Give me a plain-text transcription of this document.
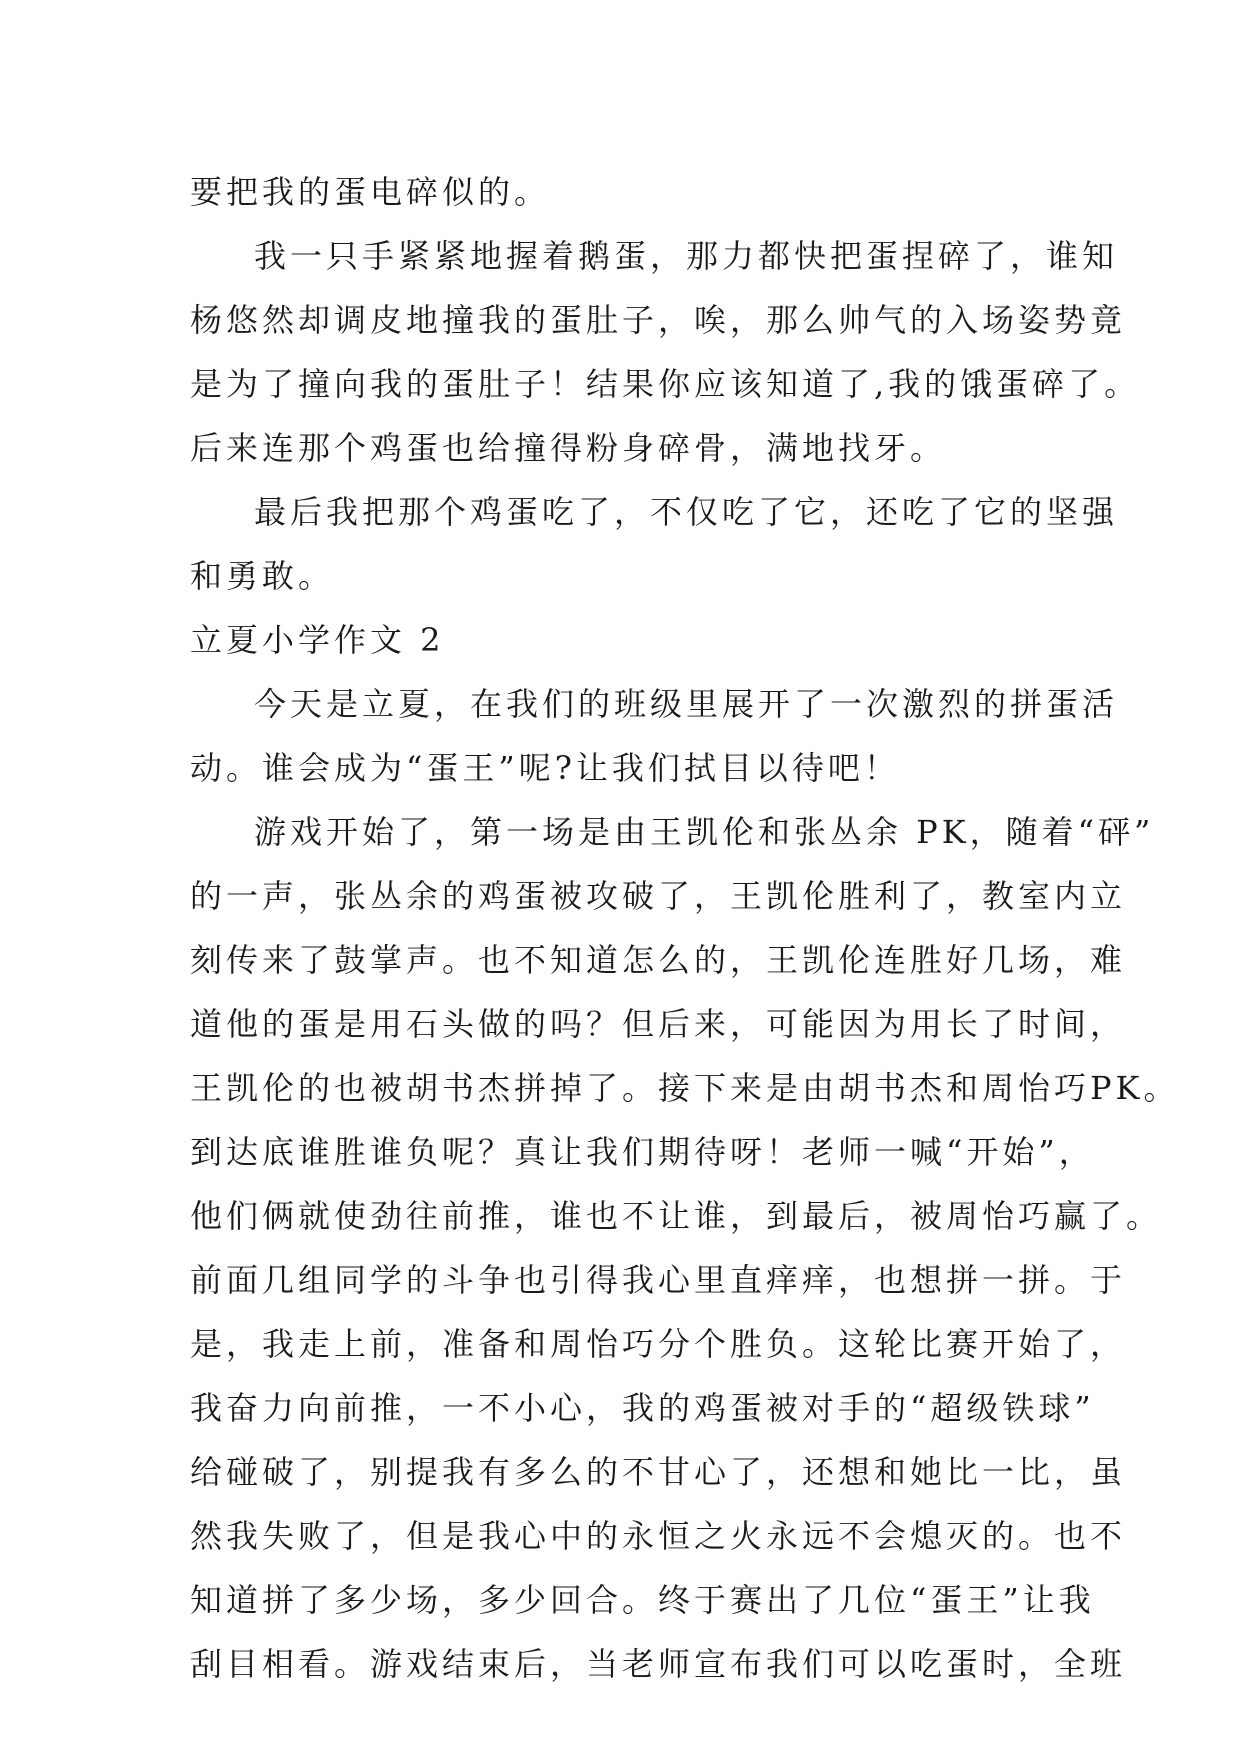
要把我的蛋电碎似的。
我一只手紧紧地握着鹅蛋，那力都快把蛋捏碎了，谁知
杨悠然却调皮地撞我的蛋肚子，唉，那么帅气的入场姿势竟
是为了撞向我的蛋肚子！结果你应该知道了,我的饿蛋碎了。
后来连那个鸡蛋也给撞得粉身碎骨，满地找牙。
最后我把那个鸡蛋吃了，不仅吃了它，还吃了它的坚强
和勇敢。
立夏小学作文 2
今天是立夏，在我们的班级里展开了一次激烈的拼蛋活
动。谁会成为“蛋王”呢?让我们拭目以待吧！
游戏开始了，第一场是由王凯伦和张丛余 PK，随着“砰”
的一声，张丛余的鸡蛋被攻破了，王凯伦胜利了，教室内立
刻传来了鼓掌声。也不知道怎么的，王凯伦连胜好几场，难
道他的蛋是用石头做的吗？但后来，可能因为用长了时间，
王凯伦的也被胡书杰拼掉了。接下来是由胡书杰和周怡巧PK。
到达底谁胜谁负呢？真让我们期待呀！老师一喊“开始”，
他们俩就使劲往前推，谁也不让谁，到最后，被周怡巧赢了。
前面几组同学的斗争也引得我心里直痒痒，也想拼一拼。于
是，我走上前，准备和周怡巧分个胜负。这轮比赛开始了，
我奋力向前推，一不小心，我的鸡蛋被对手的“超级铁球”
给碰破了，别提我有多么的不甘心了，还想和她比一比，虽
然我失败了，但是我心中的永恒之火永远不会熄灭的。也不
知道拼了多少场，多少回合。终于赛出了几位“蛋王”让我
刮目相看。游戏结束后，当老师宣布我们可以吃蛋时，全班
